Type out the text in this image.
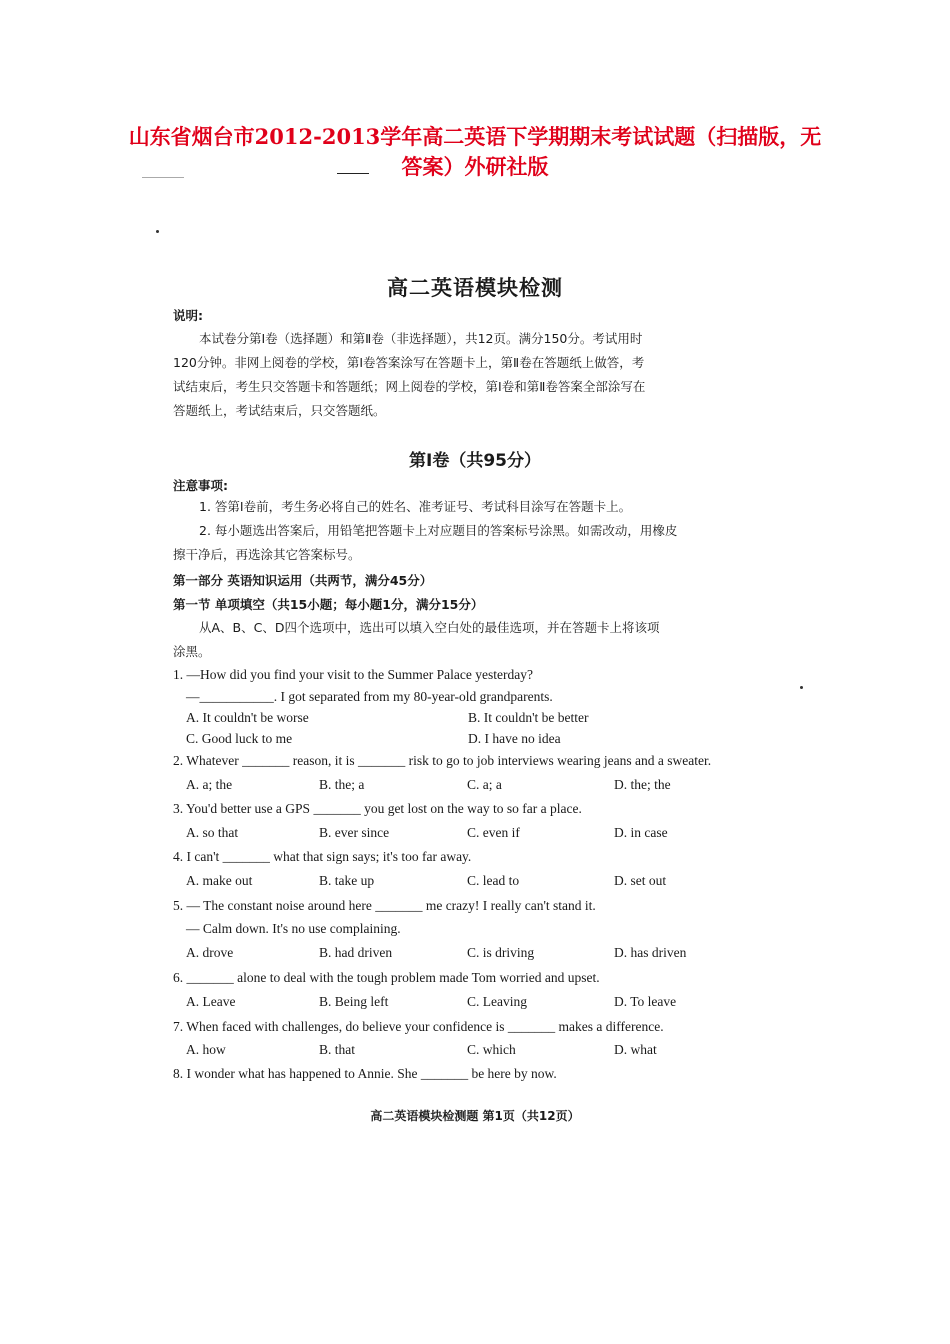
山东省烟台市2012-2013学年高二英语下学期期末考试试题（扫描版，无
答案）外研社版
高二英语模块检测
说明:
本试卷分第Ⅰ卷（选择题）和第Ⅱ卷（非选择题），共12页。满分150分。考试用时
120分钟。非网上阅卷的学校，第Ⅰ卷答案涂写在答题卡上，第Ⅱ卷在答题纸上做答，考
试结束后，考生只交答题卡和答题纸；网上阅卷的学校，第Ⅰ卷和第Ⅱ卷答案全部涂写在
答题纸上，考试结束后，只交答题纸。
第Ⅰ卷（共95分）
注意事项:
1. 答第Ⅰ卷前，考生务必将自己的姓名、准考证号、考试科目涂写在答题卡上。
2. 每小题选出答案后，用铅笔把答题卡上对应题目的答案标号涂黑。如需改动，用橡皮
擦干净后，再选涂其它答案标号。
第一部分 英语知识运用（共两节，满分45分）
第一节 单项填空（共15小题；每小题1分，满分15分）
从A、B、C、D四个选项中，选出可以填入空白处的最佳选项，并在答题卡上将该项
涂黑。
1. —How did you find your visit to the Summer Palace yesterday?
—___________. I got separated from my 80-year-old grandparents.
A. It couldn't be worse	B. It couldn't be better
C. Good luck to me	D. I have no idea
2. Whatever _______ reason, it is _______ risk to go to job interviews wearing jeans and a sweater.
A. a; the	B. the; a	C. a; a	D. the; the
3. You'd better use a GPS _______ you get lost on the way to so far a place.
A. so that	B. ever since	C. even if	D. in case
4. I can't _______ what that sign says; it's too far away.
A. make out	B. take up	C. lead to	D. set out
5. — The constant noise around here _______ me crazy! I really can't stand it.
— Calm down. It's no use complaining.
A. drove	B. had driven	C. is driving	D. has driven
6. _______ alone to deal with the tough problem made Tom worried and upset.
A. Leave	B. Being left	C. Leaving	D. To leave
7. When faced with challenges, do believe your confidence is _______ makes a difference.
A. how	B. that	C. which	D. what
8. I wonder what has happened to Annie. She _______ be here by now.
高二英语模块检测题 第1页（共12页）
